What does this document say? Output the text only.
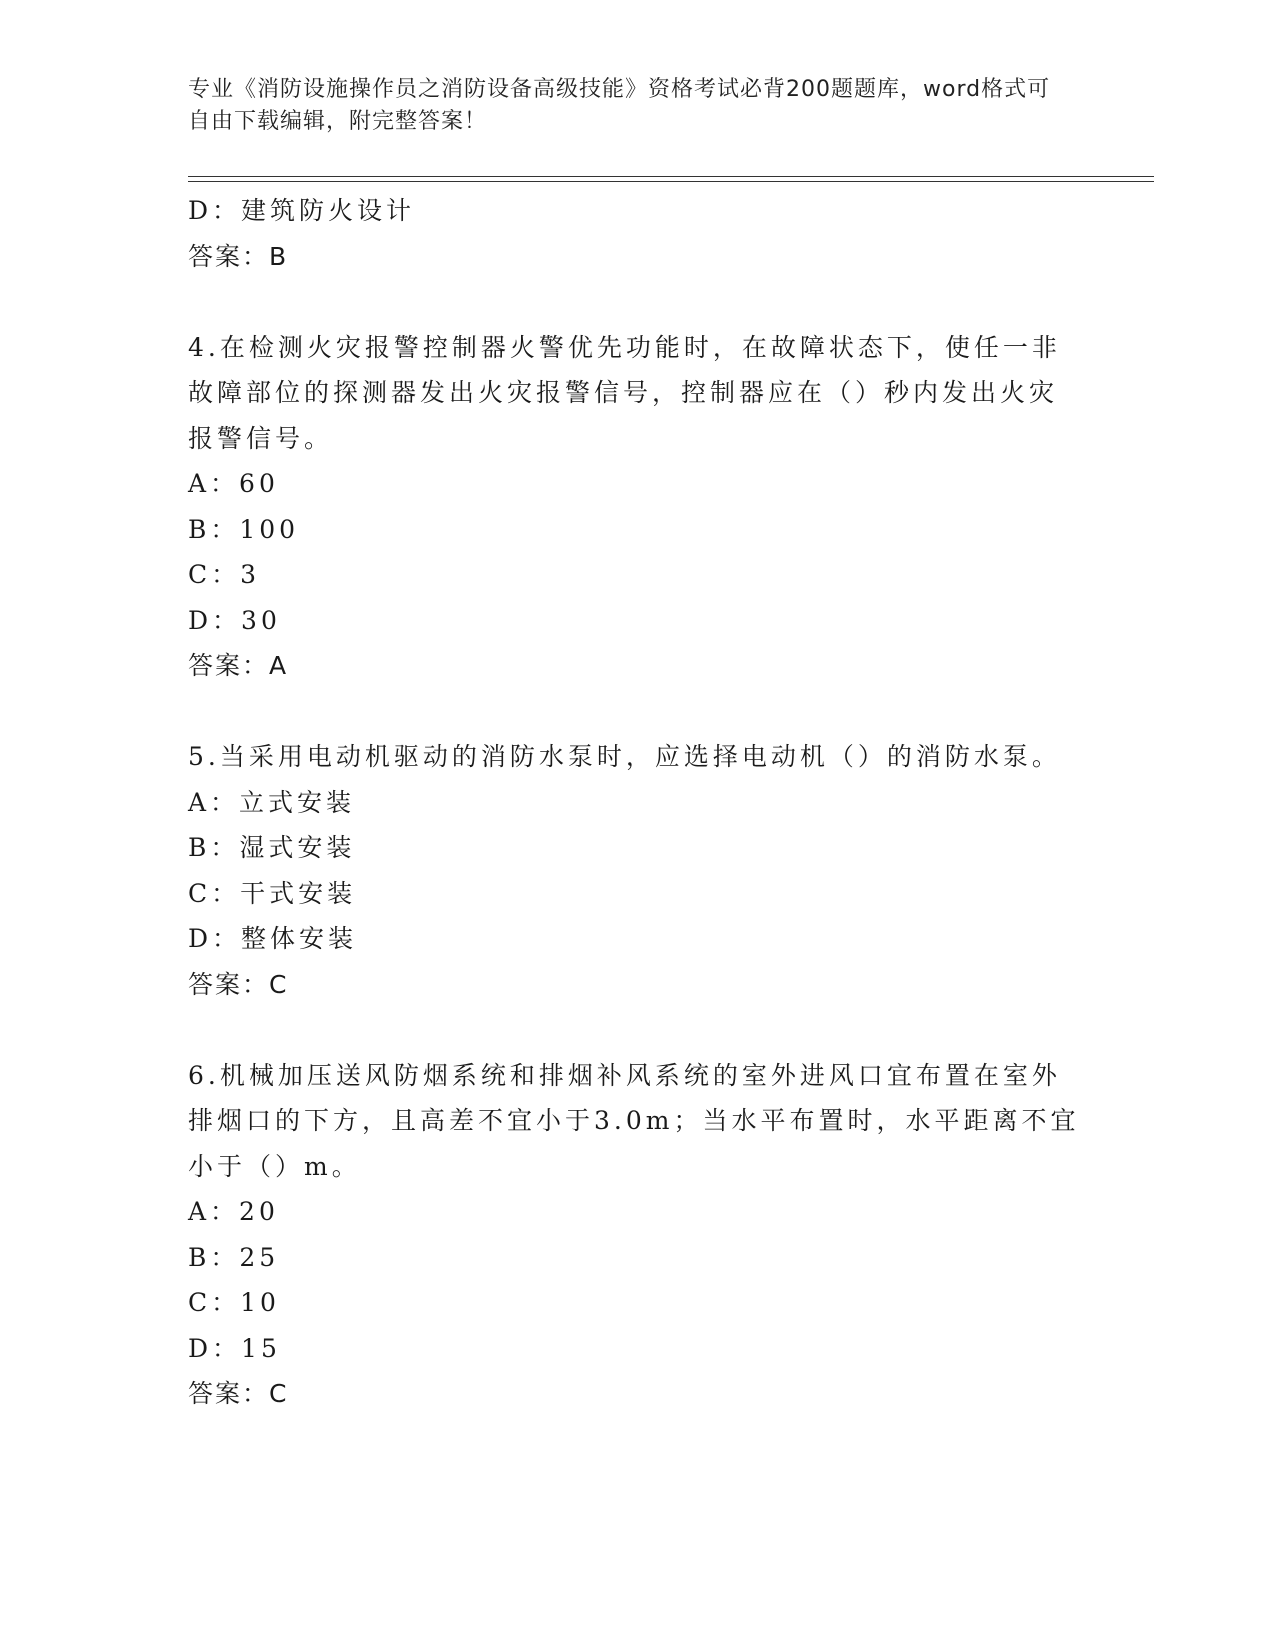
专业《消防设施操作员之消防设备高级技能》资格考试必背200题题库，word格式可自由下载编辑，附完整答案！
D：建筑防火设计
答案：B
4.在检测火灾报警控制器火警优先功能时，在故障状态下，使任一非
故障部位的探测器发出火灾报警信号，控制器应在（）秒内发出火灾
报警信号。
A：60
B：100
C：3
D：30
答案：A
5.当采用电动机驱动的消防水泵时，应选择电动机（）的消防水泵。
A：立式安装
B：湿式安装
C：干式安装
D：整体安装
答案：C
6.机械加压送风防烟系统和排烟补风系统的室外进风口宜布置在室外
排烟口的下方，且高差不宜小于3.0m；当水平布置时，水平距离不宜
小于（）m。
A：20
B：25
C：10
D：15
答案：C
